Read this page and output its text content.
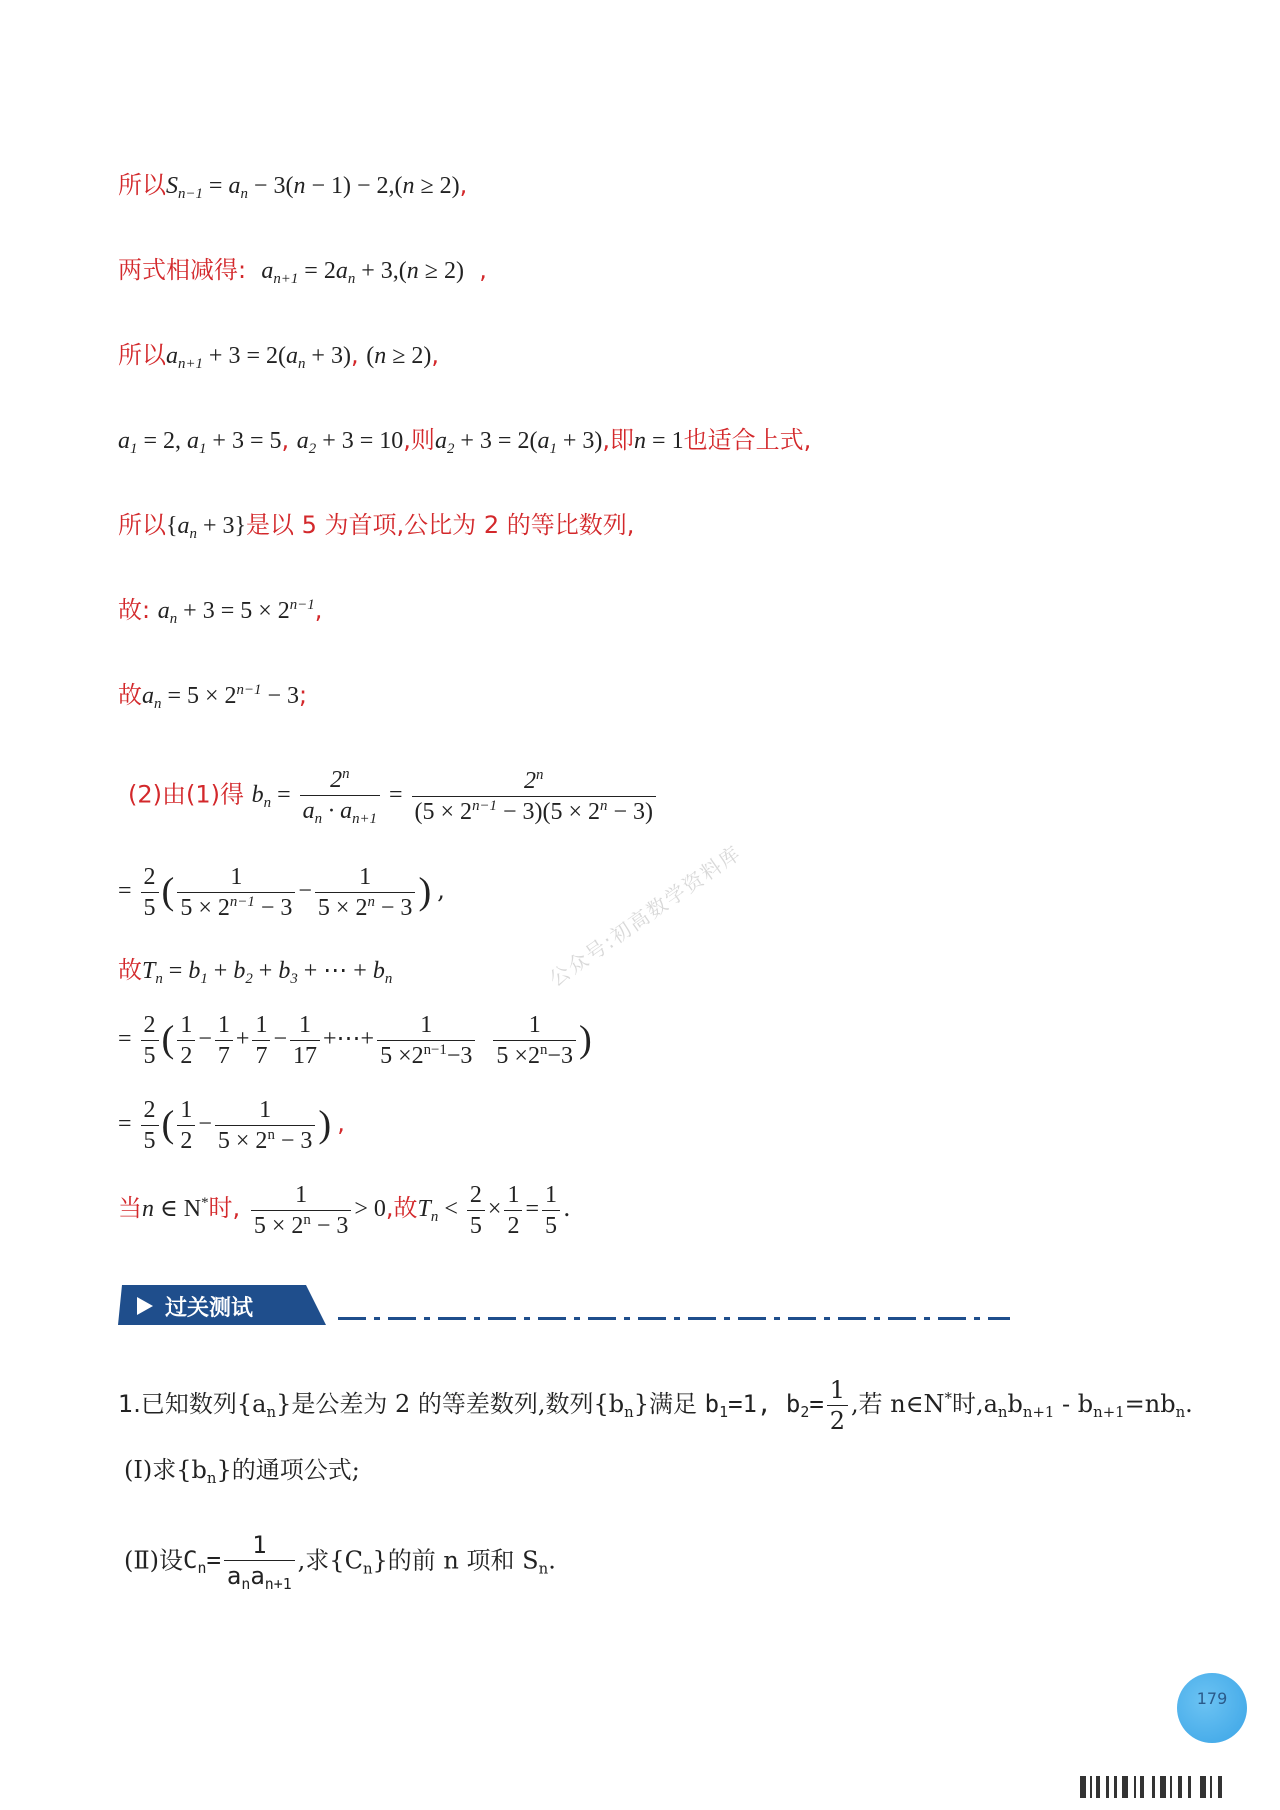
所以$S_{n-1} = a_n - 3(n - 1) - 2,(n \ge 2)$,
两式相减得: $a_{n+1} = 2a_n + 3,(n \ge 2)$ ,
所以$a_{n+1} + 3 = 2(a_n + 3)$, (n ≥ 2),
$a_1 = 2$, $a_1 + 3 = 5$, $a_2 + 3 = 10$,则$a_2 + 3 = 2(a_1 + 3)$,即n = 1也适合上式,
所以$\{a_n + 3\}$是以 5 为首项,公比为 2 的等比数列,
故: $a_n + 3 = 5 \times 2^{n-1}$,
故$a_n = 5 \times 2^{n-1} - 3$;
(2)由(1)得 $b_n = \frac{2^n}{a_n \cdot a_{n+1}} = \frac{2^n}{(5 \times 2^{n-1} - 3)(5 \times 2^n - 3)}$
= $\frac{2}{5}$ ( $\frac{1}{5 \times 2^{n-1} - 3} - \frac{1}{5 \times 2^n - 3}$ ) ,
故$T_n = b_1 + b_2 + b_3$ + ⋯ + $b_n$
= $\frac{2}{5}$ ( $\frac{1}{2} - \frac{1}{7} + \frac{1}{7} - \frac{1}{17}$ +⋯+ $\frac{1}{5 \times 2^{n-1}-3}$
$\frac{1}{5 \times 2^n-3}$ )
= $\frac{2}{5}$ ( $\frac{1}{2} - \frac{1}{5 \times 2^n - 3}$ ) ,
当n ∈ N*时, $\frac{1}{5 \times 2^n - 3} > 0$,故$T_n < \frac{2}{5} \times \frac{1}{2} = \frac{1}{5}$ .
过关测试
1.已知数列$\{a_n\}$是公差为 2 的等差数列,数列$\{b_n\}$满足 $b_1=1$, $b_2= \frac{1}{2}$ ,若 n∈N*时$,a_nb_{n+1} - b_{n+1}=nb_n$.
(Ⅰ)求$\{b_n\}$的通项公式;
(Ⅱ)设$C_n= \frac{1}{a_na_{n+1}}$ ,求$\{C_n\}$的前 n 项和 $S_n$.
公众号:初高数学资料库
179
